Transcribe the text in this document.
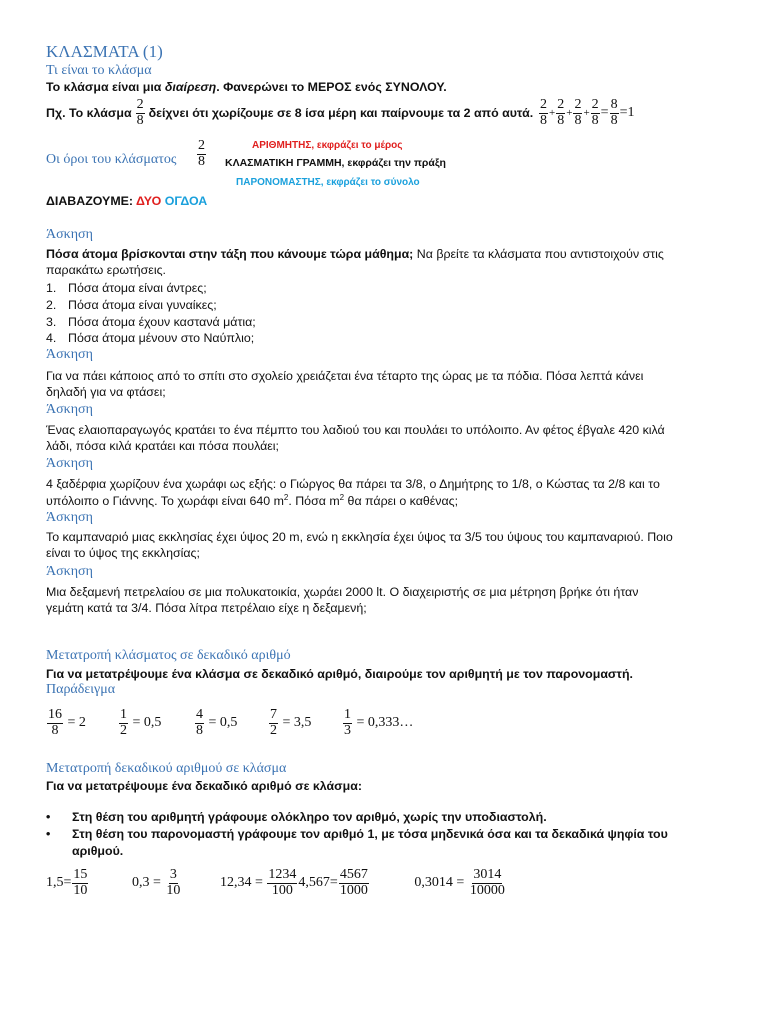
ΚΛΑΣΜΑΤΑ (1)
Τι είναι το κλάσμα
Το κλάσμα είναι μια διαίρεση. Φανερώνει το ΜΕΡΟΣ ενός ΣΥΝΟΛΟΥ.
Πχ. Το κλάσμα $\frac{2}{8}$ δείχνει ότι χωρίζουμε σε 8 ίσα μέρη και παίρνουμε τα 2 από αυτά. $\frac{2}{8} + \frac{2}{8} + \frac{2}{8} + \frac{2}{8} = \frac{8}{8} = 1$
Οι όροι του κλάσματος $\frac{2}{8}$	ΑΡΙΘΜΗΤΗΣ, εκφράζει το μέρος
ΚΛΑΣΜΑΤΙΚΗ ΓΡΑΜΜΗ, εκφράζει την πράξη
ΠΑΡΟΝΟΜΑΣΤΗΣ, εκφράζει το σύνολο
ΔΙΑΒΑΖΟΥΜΕ: ΔΥΟ ΟΓΔΟΑ
Άσκηση
Πόσα άτομα βρίσκονται στην τάξη που κάνουμε τώρα μάθημα; Να βρείτε τα κλάσματα που αντιστοιχούν στις
παρακάτω ερωτήσεις.
1. Πόσα άτομα είναι άντρες;
2. Πόσα άτομα είναι γυναίκες;
3. Πόσα άτομα έχουν καστανά μάτια;
4. Πόσα άτομα μένουν στο Ναύπλιο;
Άσκηση
Για να πάει κάποιος από το σπίτι στο σχολείο χρειάζεται ένα τέταρτο της ώρας με τα πόδια. Πόσα λεπτά κάνει
δηλαδή για να φτάσει;
Άσκηση
Ένας ελαιοπαραγωγός κρατάει το ένα πέμπτο του λαδιού του και πουλάει το υπόλοιπο. Αν φέτος έβγαλε 420 κιλά
λάδι, πόσα κιλά κρατάει και πόσα πουλάει;
Άσκηση
4 ξαδέρφια χωρίζουν ένα χωράφι ως εξής: ο Γιώργος θα πάρει τα 3/8, ο Δημήτρης το 1/8, ο Κώστας τα 2/8 και το
υπόλοιπο ο Γιάννης. Το χωράφι είναι 640 $m^2$. Πόσα $m^2$ θα πάρει ο καθένας;
Άσκηση
Το καμπαναριό μιας εκκλησίας έχει ύψος 20 m, ενώ η εκκλησία έχει ύψος τα 3/5 του ύψους του καμπαναριού. Ποιο
είναι το ύψος της εκκλησίας;
Άσκηση
Μια δεξαμενή πετρελαίου σε μια πολυκατοικία, χωράει 2000 lt. Ο διαχειριστής σε μια μέτρηση βρήκε ότι ήταν
γεμάτη κατά τα 3/4. Πόσα λίτρα πετρέλαιο είχε η δεξαμενή;
Μετατροπή κλάσματος σε δεκαδικό αριθμό
Για να μετατρέψουμε ένα κλάσμα σε δεκαδικό αριθμό, διαιρούμε τον αριθμητή με τον παρονομαστή.
Παράδειγμα
$\frac{16}{8}$
= $2 \frac{1}{2}$
= $0,5 \frac{4}{8}$
= $0,5 \frac{7}{2}$
= $3,5 \frac{1}{3}$
= 0,333…
Μετατροπή δεκαδικού αριθμού σε κλάσμα
Για να μετατρέψουμε ένα δεκαδικό αριθμό σε κλάσμα:
• Στη θέση του αριθμητή γράφουμε ολόκληρο τον αριθμό, χωρίς την υποδιαστολή.
• Στη θέση του παρονομαστή γράφουμε τον αριθμό 1, με τόσα μηδενικά όσα και τα δεκαδικά ψηφία του
αριθμού.
$1,5 = \frac{15}{10}$	$0,3 = \frac{3}{10}$	$12,34 = \frac{1234}{100} 4,567 = \frac{4567}{1000}$	$0,3014 = \frac{3014}{10000}$
